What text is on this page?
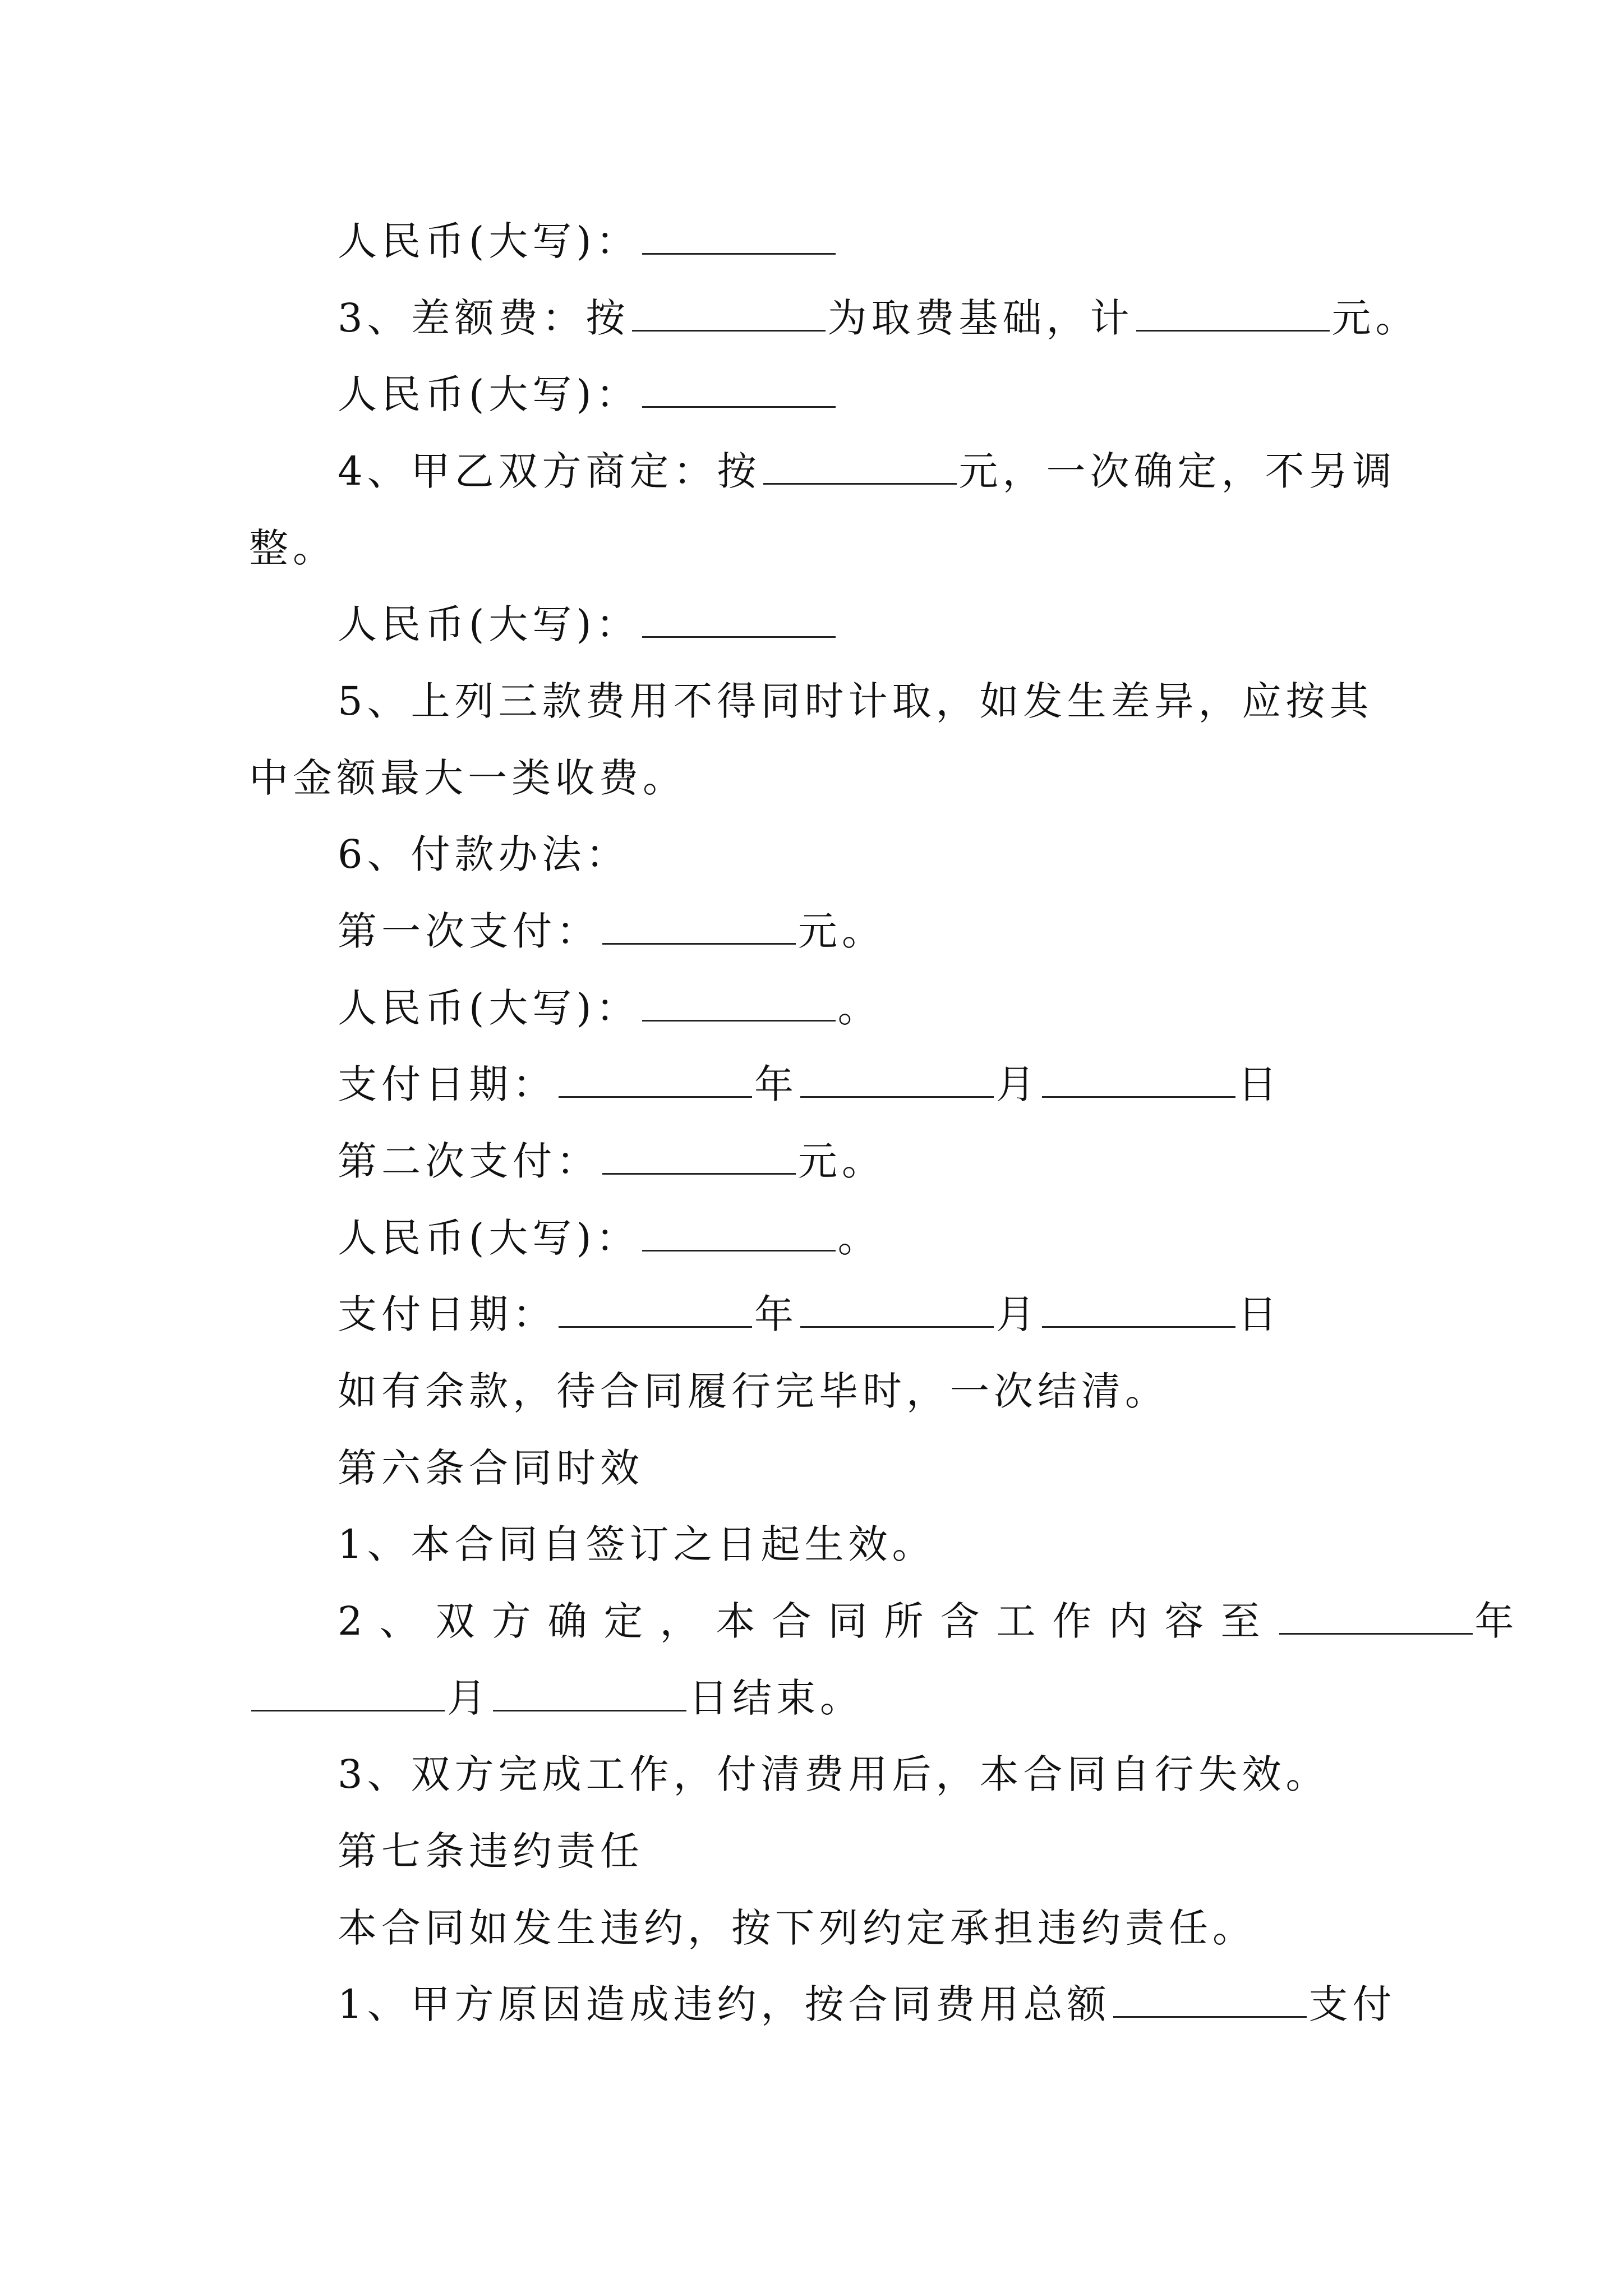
人民币(大写)：
3、差额费：按	为取费基础，计	元。
人民币(大写)：
4、甲乙双方商定：按	元，一次确定，不另调
整。
人民币(大写)：
5、上列三款费用不得同时计取，如发生差异，应按其
中金额最大一类收费。
6、付款办法：
第一次支付：	元。
人民币(大写)：	。
支付日期：	年	月	日
第二次支付：	元。
人民币(大写)：	。
支付日期：	年	月	日
如有余款，待合同履行完毕时，一次结清。
第六条合同时效
1、本合同自签订之日起生效。
2、双方确定，本合同所含工作内容至	年
月	日结束。
3、双方完成工作，付清费用后，本合同自行失效。
第七条违约责任
本合同如发生违约，按下列约定承担违约责任。
1、甲方原因造成违约，按合同费用总额	支付
